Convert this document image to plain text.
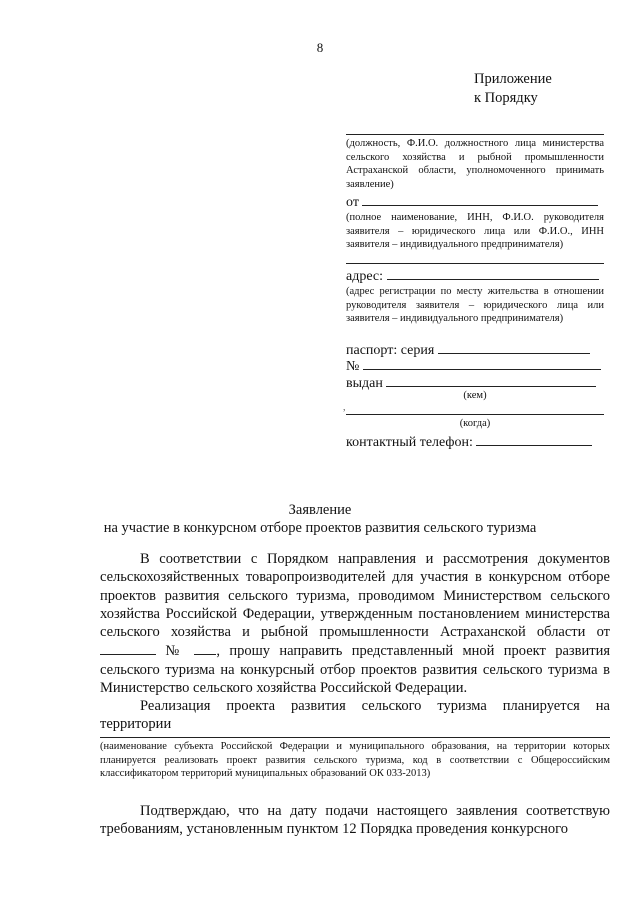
8
Приложение
к Порядку
(должность, Ф.И.О. должностного лица министерства сельского хозяйства и рыбной промышленности Астраханской области, уполномоченного принимать заявление)
от
(полное наименование, ИНН, Ф.И.О. руководителя заявителя – юридического лица или Ф.И.О., ИНН заявителя – индивидуального предпринимателя)
адрес:
(адрес регистрации по месту жительства в отношении руководителя заявителя – юридического лица или заявителя – индивидуального предпринимателя)
паспорт: серия
№
выдан
(кем)
,
(когда)
контактный телефон:
Заявление
на участие в конкурсном отборе проектов развития сельского туризма
В соответствии с Порядком направления и рассмотрения документов сельскохозяйственных товаропроизводителей для участия в конкурсном отборе проектов развития сельского туризма, проводимом Министерством сельского хозяйства Российской Федерации, утвержденным постановлением министерства сельского хозяйства и рыбной промышленности Астраханской области от  № , прошу направить представленный мной проект развития сельского туризма на конкурсный отбор проектов развития сельского туризма в Министерство сельского хозяйства Российской Федерации.
Реализация проекта развития сельского туризма планируется на территории
(наименование субъекта Российской Федерации и муниципального образования, на территории которых планируется реализовать проект развития сельского туризма, код в соответствии с Общероссийским классификатором территорий муниципальных образований ОК 033-2013)
Подтверждаю, что на дату подачи настоящего заявления соответствую требованиям, установленным пунктом 12 Порядка проведения конкурсного
